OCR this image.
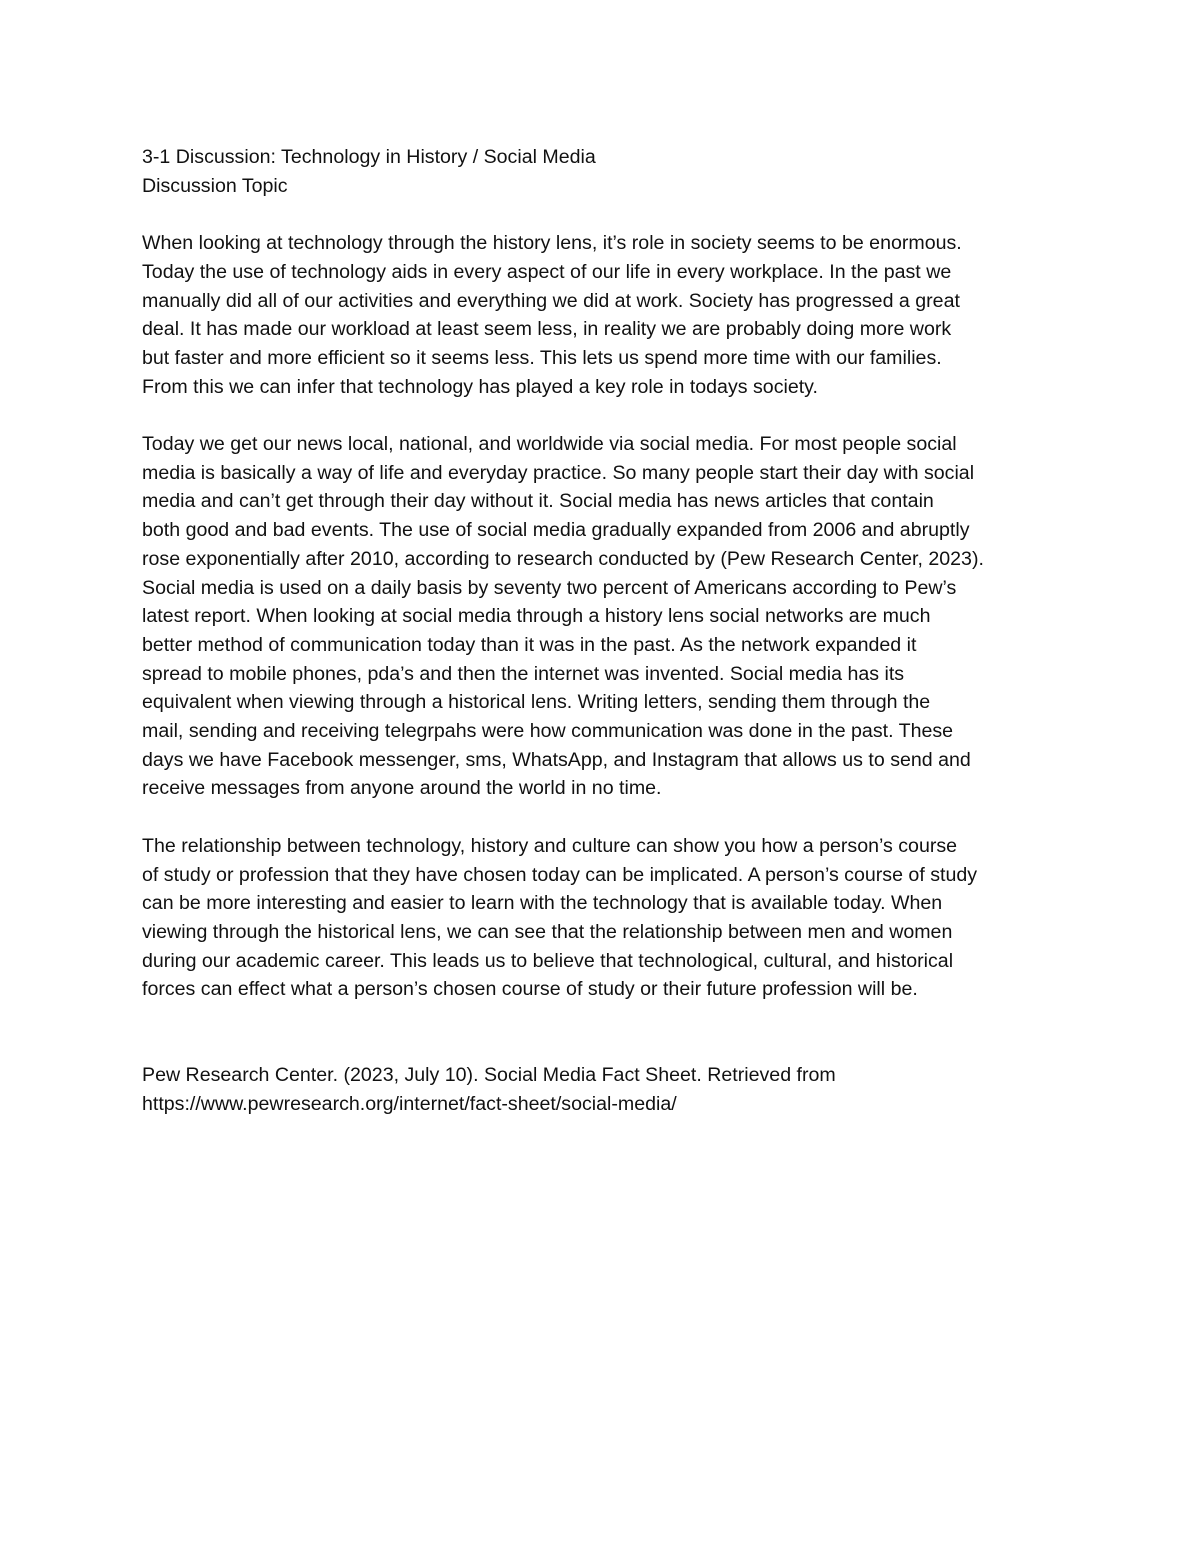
3-1 Discussion: Technology in History / Social Media
Discussion Topic
When looking at technology through the history lens, it’s role in society seems to be enormous.
Today the use of technology aids in every aspect of our life in every workplace. In the past we
manually did all of our activities and everything we did at work. Society has progressed a great
deal. It has made our workload at least seem less, in reality we are probably doing more work
but faster and more efficient so it seems less. This lets us spend more time with our families.
From this we can infer that technology has played a key role in todays society.
Today we get our news local, national, and worldwide via social media. For most people social
media is basically a way of life and everyday practice. So many people start their day with social
media and can’t get through their day without it. Social media has news articles that contain
both good and bad events. The use of social media gradually expanded from 2006 and abruptly
rose exponentially after 2010, according to research conducted by (Pew Research Center, 2023).
Social media is used on a daily basis by seventy two percent of Americans according to Pew’s
latest report. When looking at social media through a history lens social networks are much
better method of communication today than it was in the past. As the network expanded it
spread to mobile phones, pda’s and then the internet was invented. Social media has its
equivalent when viewing through a historical lens. Writing letters, sending them through the
mail, sending and receiving telegrpahs were how communication was done in the past. These
days we have Facebook messenger, sms, WhatsApp, and Instagram that allows us to send and
receive messages from anyone around the world in no time.
The relationship between technology, history and culture can show you how a person’s course
of study or profession that they have chosen today can be implicated. A person’s course of study
can be more interesting and easier to learn with the technology that is available today. When
viewing through the historical lens, we can see that the relationship between men and women
during our academic career. This leads us to believe that technological, cultural, and historical
forces can effect what a person’s chosen course of study or their future profession will be.
Pew Research Center. (2023, July 10). Social Media Fact Sheet. Retrieved from
https://www.pewresearch.org/internet/fact-sheet/social-media/
